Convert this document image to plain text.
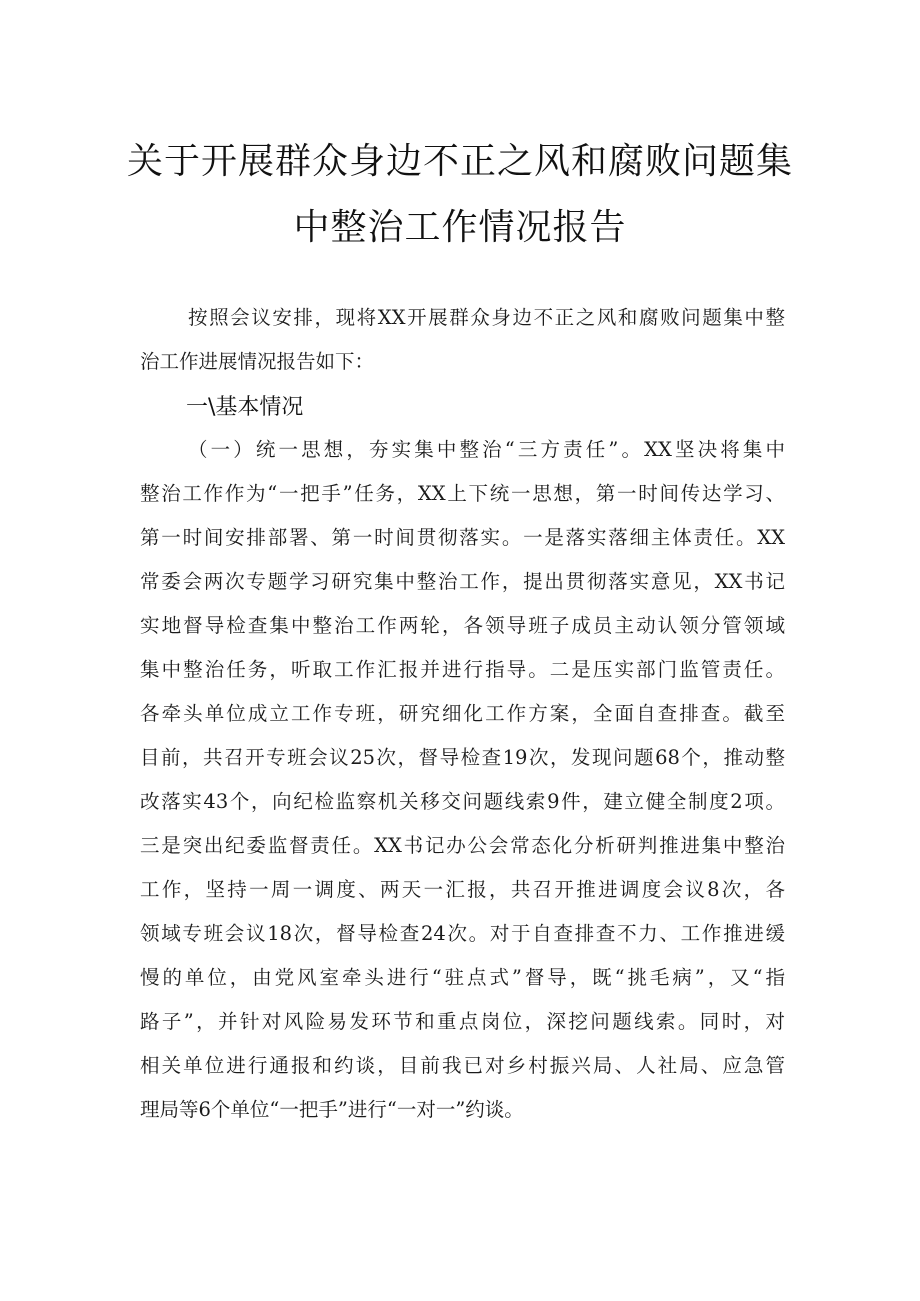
关于开展群众身边不正之风和腐败问题集
中整治工作情况报告
按照会议安排，现将XX开展群众身边不正之风和腐败问题集中整
治工作进展情况报告如下：
一\基本情况
（一）统一思想，夯实集中整治“三方责任”。XX坚决将集中
整治工作作为“一把手”任务，XX上下统一思想，第一时间传达学习、
第一时间安排部署、第一时间贯彻落实。一是落实落细主体责任。XX
常委会两次专题学习研究集中整治工作，提出贯彻落实意见，XX书记
实地督导检查集中整治工作两轮，各领导班子成员主动认领分管领域
集中整治任务，听取工作汇报并进行指导。二是压实部门监管责任。
各牵头单位成立工作专班，研究细化工作方案，全面自查排查。截至
目前，共召开专班会议25次，督导检查19次，发现问题68个，推动整
改落实43个，向纪检监察机关移交问题线索9件，建立健全制度2项。
三是突出纪委监督责任。XX书记办公会常态化分析研判推进集中整治
工作，坚持一周一调度、两天一汇报，共召开推进调度会议8次，各
领域专班会议18次，督导检查24次。对于自查排查不力、工作推进缓
慢的单位，由党风室牵头进行“驻点式”督导，既“挑毛病”，又“指
路子”，并针对风险易发环节和重点岗位，深挖问题线索。同时，对
相关单位进行通报和约谈，目前我已对乡村振兴局、人社局、应急管
理局等6个单位“一把手”进行“一对一”约谈。
